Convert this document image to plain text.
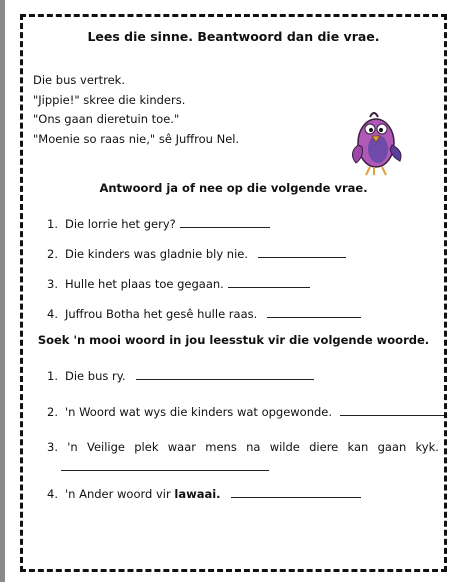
Lees die sinne. Beantwoord dan die vrae.
Die bus vertrek.
"Jippie!" skree die kinders.
"Ons gaan dieretuin toe."
"Moenie so raas nie," sê Juffrou Nel.
Antwoord ja of nee op die volgende vrae.
1. Die lorrie het gery?
2. Die kinders was gladnie bly nie.
3. Hulle het plaas toe gegaan.
4. Juffrou Botha het gesê hulle raas.
Soek 'n mooi woord in jou leesstuk vir die volgende woorde.
1. Die bus ry.
2. 'n Woord wat wys die kinders wat opgewonde.
3. 'n Veilige plek waar mens na wilde diere kan gaan kyk.
4. 'n Ander woord vir lawaai.
